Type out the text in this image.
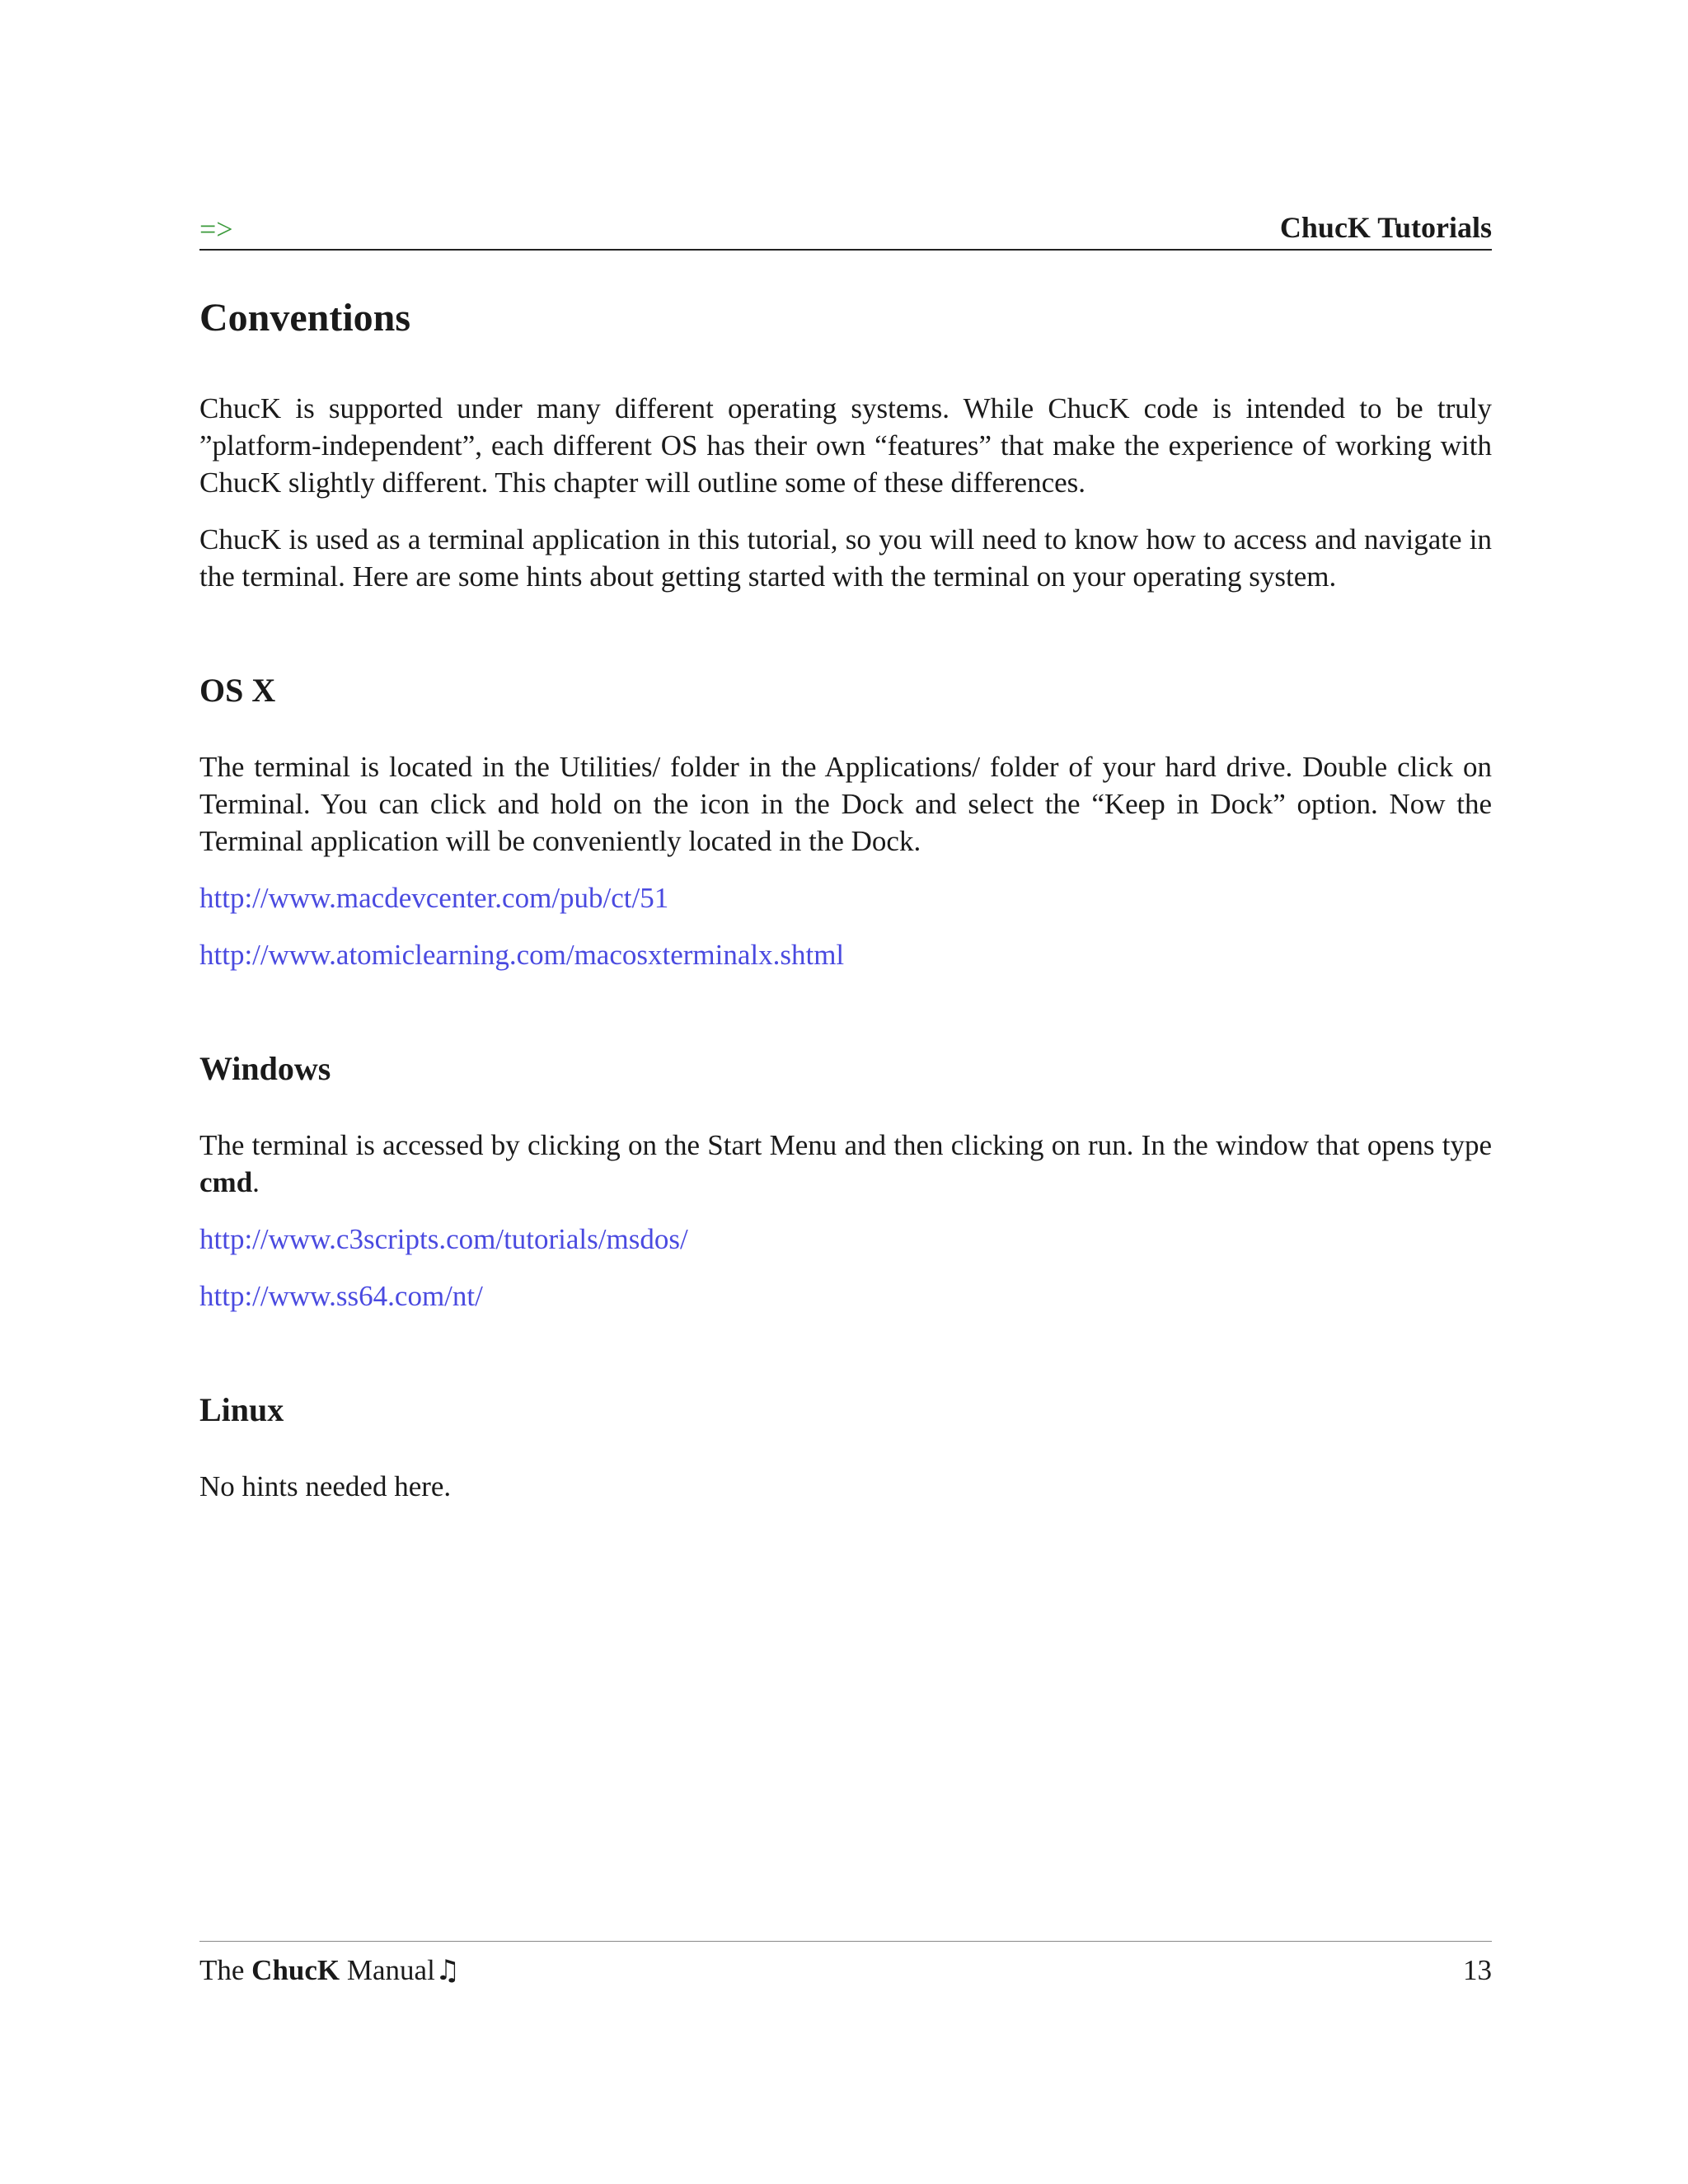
=>	ChucK Tutorials
Conventions

ChucK is supported under many different operating systems. While ChucK code is intended to be truly ”platform-independent”, each different OS has their own “features” that make the experience of working with ChucK slightly different. This chapter will outline some of these differences.

ChucK is used as a terminal application in this tutorial, so you will need to know how to access and navigate in the terminal. Here are some hints about getting started with the terminal on your operating system.

OS X

The terminal is located in the Utilities/ folder in the Applications/ folder of your hard drive. Double click on Terminal. You can click and hold on the icon in the Dock and select the “Keep in Dock” option. Now the Terminal application will be conveniently located in the Dock.

http://www.macdevcenter.com/pub/ct/51

http://www.atomiclearning.com/macosxterminalx.shtml

Windows

The terminal is accessed by clicking on the Start Menu and then clicking on run. In the window that opens type cmd.

http://www.c3scripts.com/tutorials/msdos/

http://www.ss64.com/nt/

Linux

No hints needed here.

The ChucK Manual♫	13
